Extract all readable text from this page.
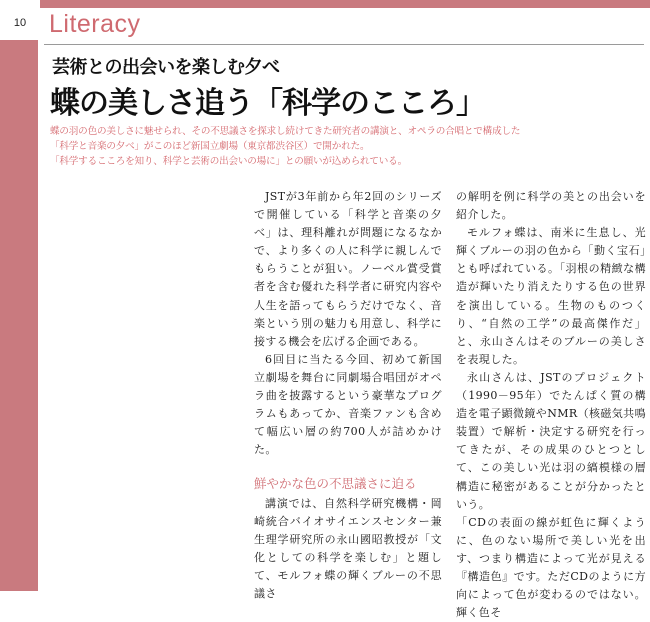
10 Literacy
芸術との出会いを楽しむ夕べ
蝶の美しさ追う「科学のこころ」

蝶の羽の色の美しさに魅せられ、その不思議さを探求し続けてきた研究者の講演と、オペラの合唱とで構成した

「科学と音楽の夕べ」がこのほど新国立劇場（東京都渋谷区）で開かれた。

「科学するこころを知り、科学と芸術の出会いの場に」との願いが込められている。

JSTが3年前から年2回のシリーズで開催している「科学と音楽の夕べ」は、理科離れが問題になるなかで、より多くの人に科学に親しんでもらうことが狙い。ノーベル賞受賞者を含む優れた科学者に研究内容や人生を語ってもらうだけでなく、音楽という別の魅力も用意し、科学に接する機会を広げる企画である。

6回目に当たる今回、初めて新国立劇場を舞台に同劇場合唱団がオペラ曲を披露するという豪華なプログラムもあってか、音楽ファンも含めて幅広い層の約700人が詰めかけた。

鮮やかな色の不思議さに迫る

講演では、自然科学研究機構・岡崎統合バイオサイエンスセンター兼生理学研究所の永山國昭教授が「文化としての科学を楽しむ」と題して、モルフォ蝶の輝くブルーの不思議さ

の解明を例に科学の美との出会いを紹介した。

モルフォ蝶は、南米に生息し、光輝くブルーの羽の色から「動く宝石」とも呼ばれている。「羽根の精緻な構造が輝いたり消えたりする色の世界を演出している。生物のものつくり、“自然の工学”の最高傑作だ」と、永山さんはそのブルーの美しさを表現した。

永山さんは、JSTのプロジェクト（1990－95年）でたんぱく質の構造を電子顕微鏡やNMR（核磁気共鳴装置）で解析・決定する研究を行ってきたが、その成果のひとつとして、この美しい光は羽の縞模様の層構造に秘密があることが分かったという。

「CDの表面の線が虹色に輝くように、色のない場所で美しい光を出す、つまり構造によって光が見える『構造色』です。ただCDのように方向によって色が変わるのではない。輝く色そ
